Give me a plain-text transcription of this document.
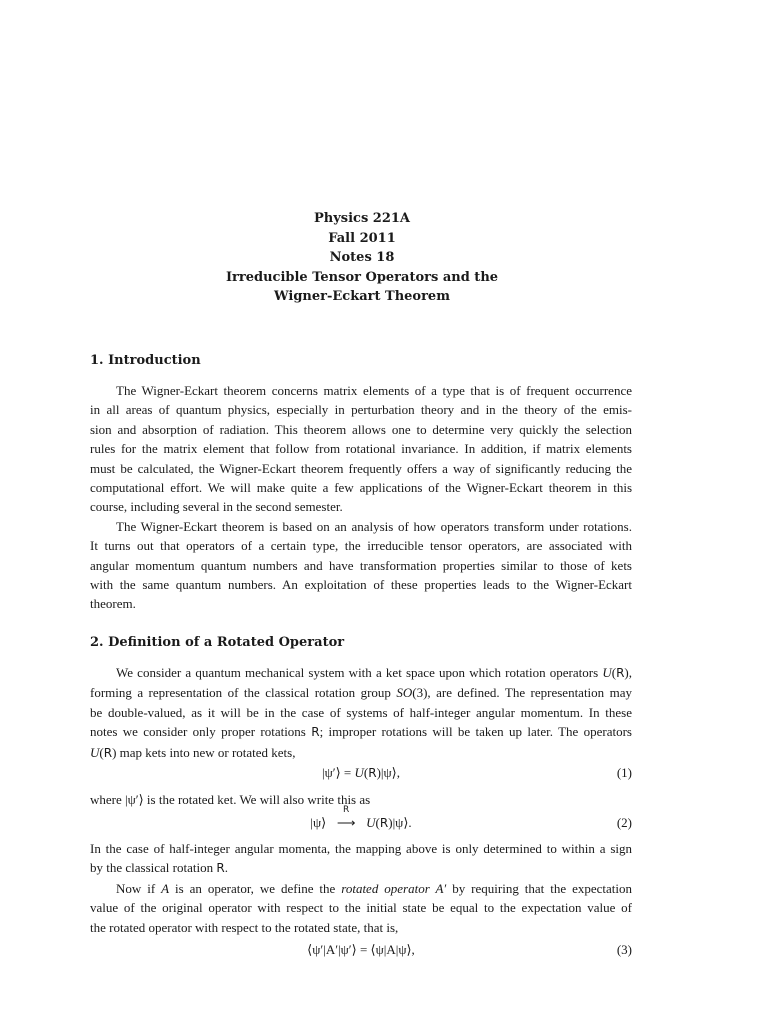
Physics 221A
Fall 2011
Notes 18
Irreducible Tensor Operators and the
Wigner-Eckart Theorem
1. Introduction
The Wigner-Eckart theorem concerns matrix elements of a type that is of frequent occurrence
in all areas of quantum physics, especially in perturbation theory and in the theory of the emis-
sion and absorption of radiation. This theorem allows one to determine very quickly the selection
rules for the matrix element that follow from rotational invariance. In addition, if matrix elements
must be calculated, the Wigner-Eckart theorem frequently offers a way of significantly reducing the
computational effort. We will make quite a few applications of the Wigner-Eckart theorem in this
course, including several in the second semester.
The Wigner-Eckart theorem is based on an analysis of how operators transform under rotations.
It turns out that operators of a certain type, the irreducible tensor operators, are associated with
angular momentum quantum numbers and have transformation properties similar to those of kets
with the same quantum numbers. An exploitation of these properties leads to the Wigner-Eckart
theorem.
2. Definition of a Rotated Operator
We consider a quantum mechanical system with a ket space upon which rotation operators U(R),
forming a representation of the classical rotation group SO(3), are defined. The representation may
be double-valued, as it will be in the case of systems of half-integer angular momentum. In these
notes we consider only proper rotations R; improper rotations will be taken up later. The operators
U(R) map kets into new or rotated kets,
|ψ′⟩ = U(R)|ψ⟩,	(1)
where |ψ′⟩ is the rotated ket. We will also write this as
|ψ⟩
R
⟶ U(R)|ψ⟩.	(2)
In the case of half-integer angular momenta, the mapping above is only determined to within a sign
by the classical rotation R.
Now if A is an operator, we define the rotated operator A′ by requiring that the expectation
value of the original operator with respect to the initial state be equal to the expectation value of
the rotated operator with respect to the rotated state, that is,
⟨ψ′|A′|ψ′⟩ = ⟨ψ|A|ψ⟩,	(3)
